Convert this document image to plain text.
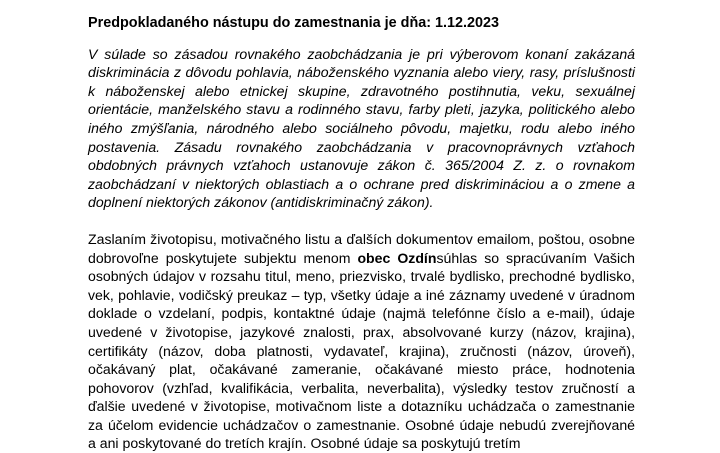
Predpokladaného nástupu do zamestnania je dňa: 1.12.2023

V súlade so zásadou rovnakého zaobchádzania je pri výberovom konaní zakázaná diskriminácia z dôvodu pohlavia, náboženského vyznania alebo viery, rasy, príslušnosti k náboženskej alebo etnickej skupine, zdravotného postihnutia, veku, sexuálnej orientácie, manželského stavu a rodinného stavu, farby pleti, jazyka, politického alebo iného zmýšľania, národného alebo sociálneho pôvodu, majetku, rodu alebo iného postavenia. Zásadu rovnakého zaobchádzania v pracovnoprávnych vzťahoch obdobných právnych vzťahoch ustanovuje zákon č. 365/2004 Z. z. o rovnakom zaobchádzaní v niektorých oblastiach a o ochrane pred diskrimináciou a o zmene a doplnení niektorých zákonov (antidiskriminačný zákon).

Zaslaním životopisu, motivačného listu a ďalších dokumentov emailom, poštou, osobne dobrovoľne poskytujete subjektu menom obec Ozdínsúhlas so spracúvaním Vašich osobných údajov v rozsahu titul, meno, priezvisko, trvalé bydlisko, prechodné bydlisko, vek, pohlavie, vodičský preukaz – typ, všetky údaje a iné záznamy uvedené v úradnom doklade o vzdelaní, podpis, kontaktné údaje (najmä telefónne číslo a e-mail), údaje uvedené v životopise, jazykové znalosti, prax, absolvované kurzy (názov, krajina), certifikáty (názov, doba platnosti, vydavateľ, krajina), zručnosti (názov, úroveň), očakávaný plat, očakávané zameranie, očakávané miesto práce, hodnotenia pohovorov (vzhľad, kvalifikácia, verbalita, neverbalita), výsledky testov zručností a ďalšie uvedené v životopise, motivačnom liste a dotazníku uchádzača o zamestnanie za účelom evidencie uchádzačov o zamestnanie. Osobné údaje nebudú zverejňované a ani poskytované do tretích krajín. Osobné údaje sa poskytujú tretím
